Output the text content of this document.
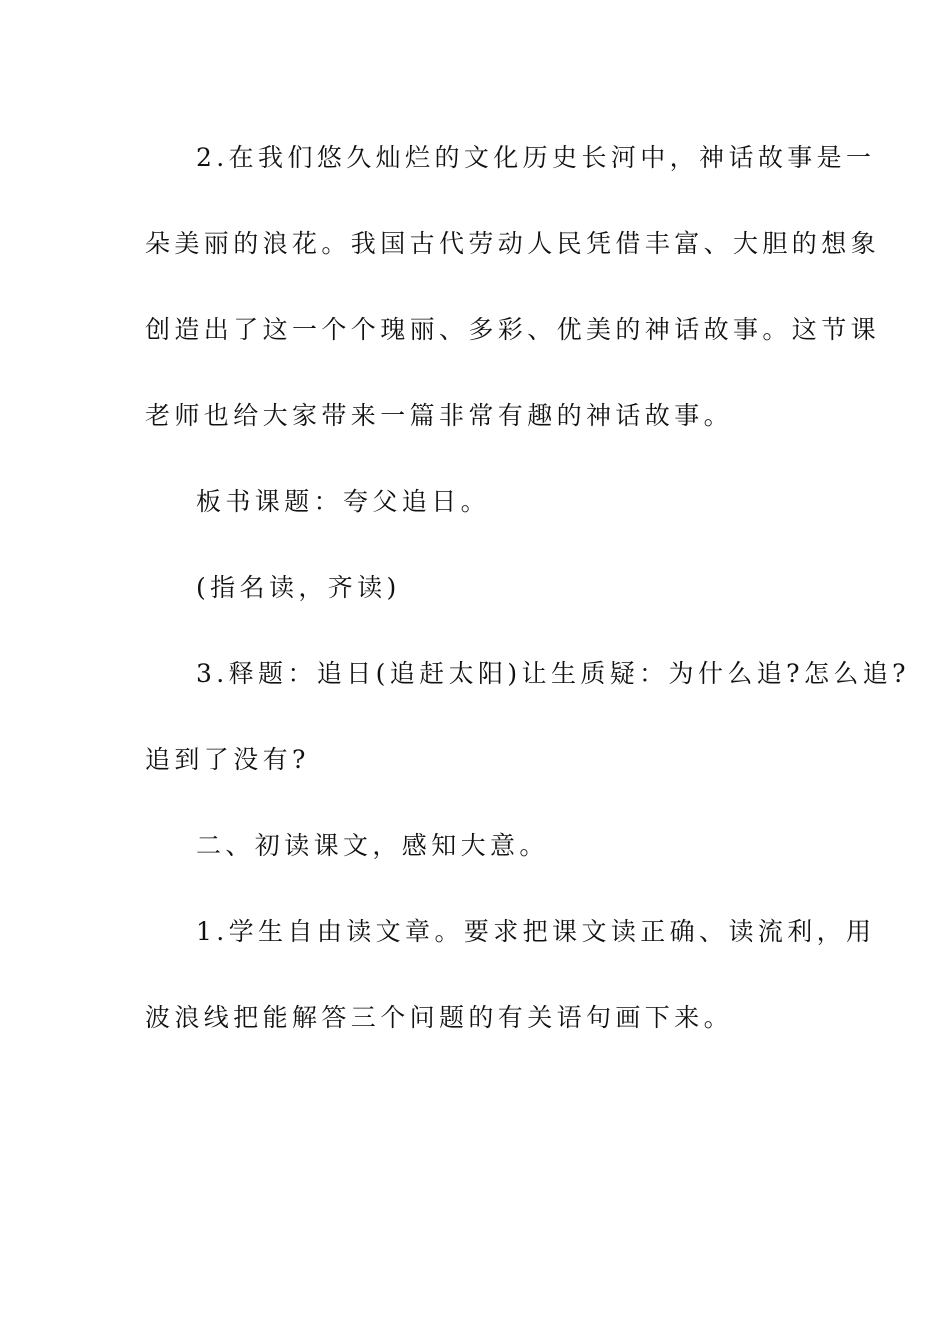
2.在我们悠久灿烂的文化历史长河中，神话故事是一
朵美丽的浪花。我国古代劳动人民凭借丰富、大胆的想象
创造出了这一个个瑰丽、多彩、优美的神话故事。这节课
老师也给大家带来一篇非常有趣的神话故事。
板书课题：夸父追日。
(指名读，齐读)
3.释题：追日(追赶太阳)让生质疑：为什么追?怎么追?
追到了没有?
二、初读课文，感知大意。
1.学生自由读文章。要求把课文读正确、读流利，用
波浪线把能解答三个问题的有关语句画下来。
